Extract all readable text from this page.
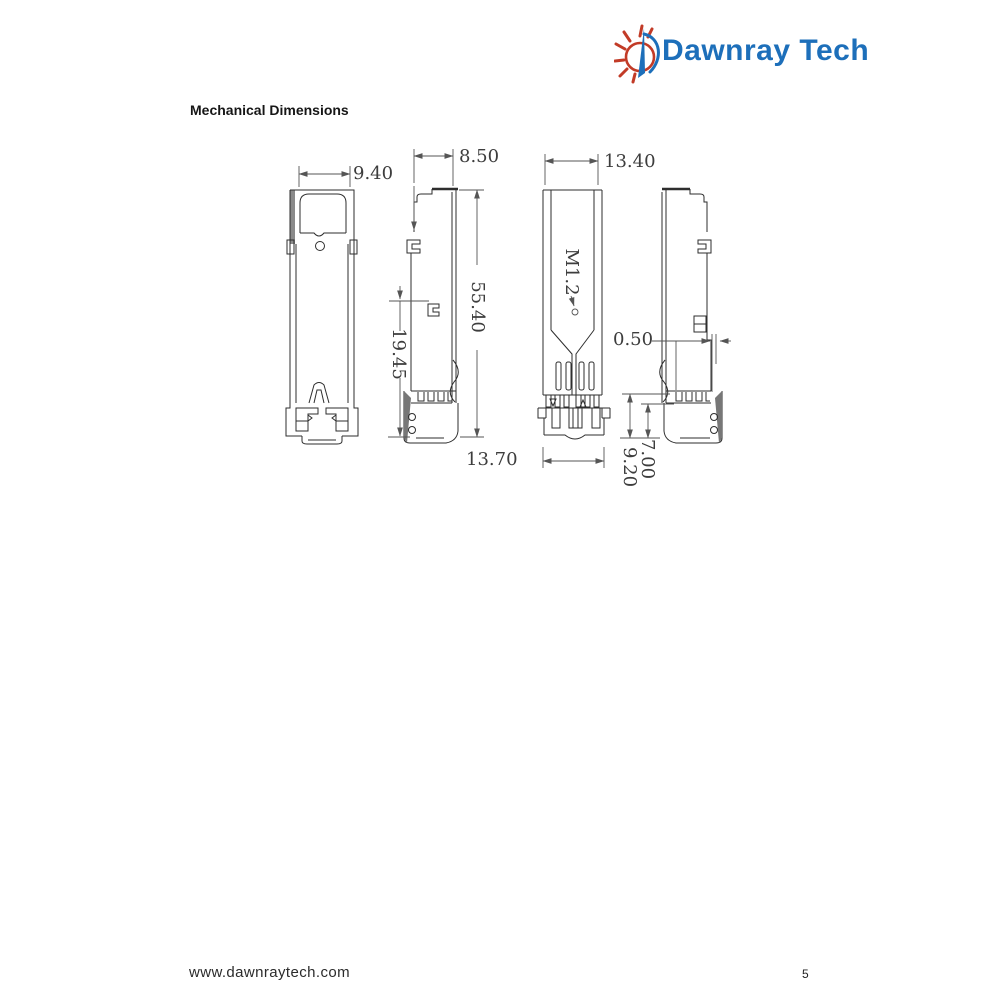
Dawnray Tech
Mechanical Dimensions
9.40
8.50	13.40
55.40
19.45
M1.2
0.50
13.70	7.00
9.20
www.dawnraytech.com	5
